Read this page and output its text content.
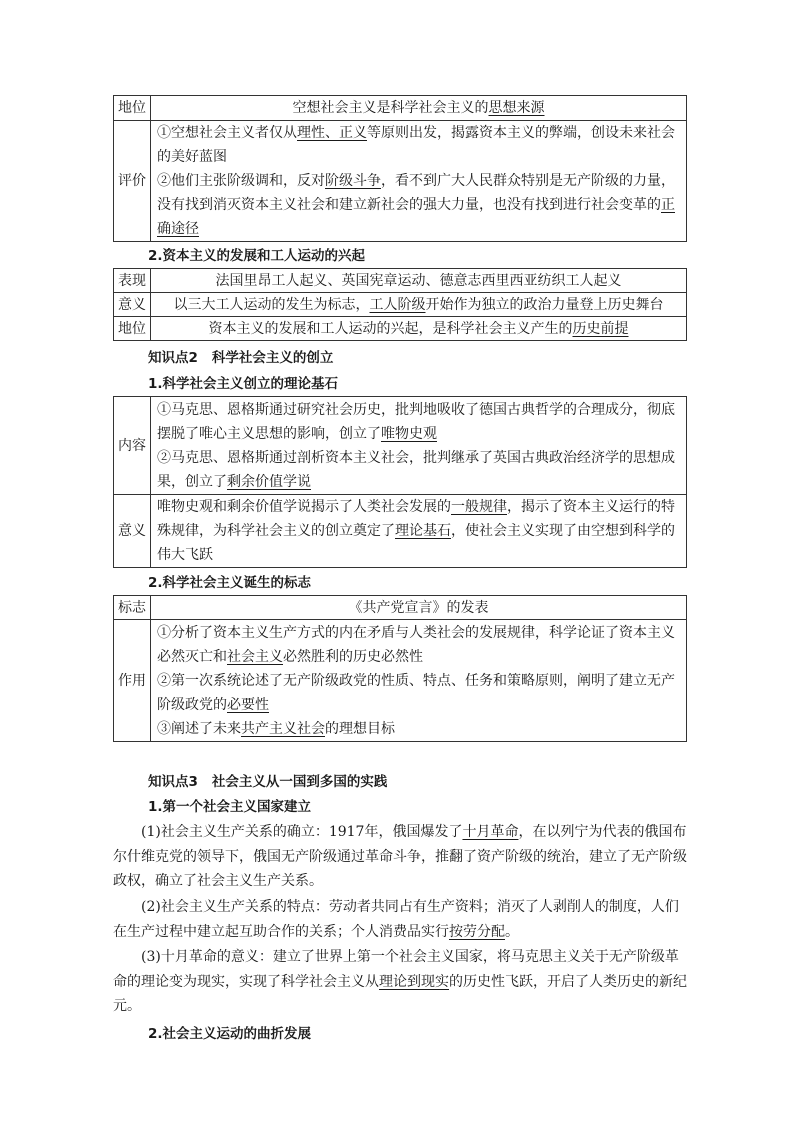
地位	空想社会主义是科学社会主义的思想来源
评价	①空想社会主义者仅从理性、正义等原则出发，揭露资本主义的弊端，创设未来社会的美好蓝图
②他们主张阶级调和，反对阶级斗争，看不到广大人民群众特别是无产阶级的力量，没有找到消灭资本主义社会和建立新社会的强大力量，也没有找到进行社会变革的正确途径
2.资本主义的发展和工人运动的兴起
表现	法国里昂工人起义、英国宪章运动、德意志西里西亚纺织工人起义
意义	以三大工人运动的发生为标志，工人阶级开始作为独立的政治力量登上历史舞台
地位	资本主义的发展和工人运动的兴起，是科学社会主义产生的历史前提
知识点2 科学社会主义的创立
1.科学社会主义创立的理论基石
内容	①马克思、恩格斯通过研究社会历史，批判地吸收了德国古典哲学的合理成分，彻底摆脱了唯心主义思想的影响，创立了唯物史观
②马克思、恩格斯通过剖析资本主义社会，批判继承了英国古典政治经济学的思想成果，创立了剩余价值学说

意义	唯物史观和剩余价值学说揭示了人类社会发展的一般规律，揭示了资本主义运行的特殊规律，为科学社会主义的创立奠定了理论基石，使社会主义实现了由空想到科学的伟大飞跃
2.科学社会主义诞生的标志
标志	《共产党宣言》的发表
作用	①分析了资本主义生产方式的内在矛盾与人类社会的发展规律，科学论证了资本主义必然灭亡和社会主义必然胜利的历史必然性
②第一次系统论述了无产阶级政党的性质、特点、任务和策略原则，阐明了建立无产阶级政党的必要性
③阐述了未来共产主义社会的理想目标
知识点3 社会主义从一国到多国的实践
1.第一个社会主义国家建立
(1)社会主义生产关系的确立：1917年，俄国爆发了十月革命，在以列宁为代表的俄国布尔什维克党的领导下，俄国无产阶级通过革命斗争，推翻了资产阶级的统治，建立了无产阶级政权，确立了社会主义生产关系。
(2)社会主义生产关系的特点：劳动者共同占有生产资料；消灭了人剥削人的制度，人们在生产过程中建立起互助合作的关系；个人消费品实行按劳分配。
(3)十月革命的意义：建立了世界上第一个社会主义国家，将马克思主义关于无产阶级革命的理论变为现实，实现了科学社会主义从理论到现实的历史性飞跃，开启了人类历史的新纪元。
2.社会主义运动的曲折发展
